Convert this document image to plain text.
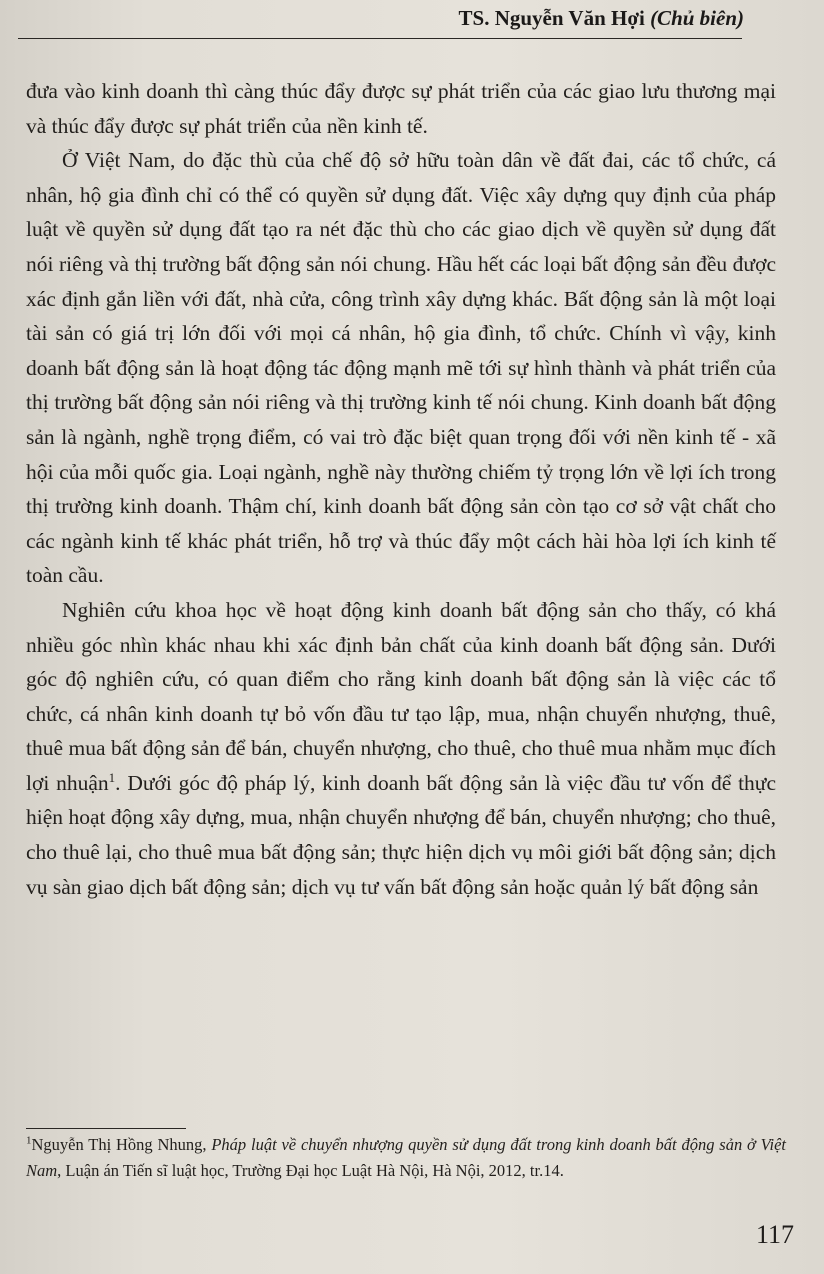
TS. Nguyễn Văn Hợi (Chủ biên)

đưa vào kinh doanh thì càng thúc đẩy được sự phát triển của các giao lưu thương mại và thúc đẩy được sự phát triển của nền kinh tế.

Ở Việt Nam, do đặc thù của chế độ sở hữu toàn dân về đất đai, các tổ chức, cá nhân, hộ gia đình chỉ có thể có quyền sử dụng đất. Việc xây dựng quy định của pháp luật về quyền sử dụng đất tạo ra nét đặc thù cho các giao dịch về quyền sử dụng đất nói riêng và thị trường bất động sản nói chung. Hầu hết các loại bất động sản đều được xác định gắn liền với đất, nhà cửa, công trình xây dựng khác. Bất động sản là một loại tài sản có giá trị lớn đối với mọi cá nhân, hộ gia đình, tổ chức. Chính vì vậy, kinh doanh bất động sản là hoạt động tác động mạnh mẽ tới sự hình thành và phát triển của thị trường bất động sản nói riêng và thị trường kinh tế nói chung. Kinh doanh bất động sản là ngành, nghề trọng điểm, có vai trò đặc biệt quan trọng đối với nền kinh tế - xã hội của mỗi quốc gia. Loại ngành, nghề này thường chiếm tỷ trọng lớn về lợi ích trong thị trường kinh doanh. Thậm chí, kinh doanh bất động sản còn tạo cơ sở vật chất cho các ngành kinh tế khác phát triển, hỗ trợ và thúc đẩy một cách hài hòa lợi ích kinh tế toàn cầu.

Nghiên cứu khoa học về hoạt động kinh doanh bất động sản cho thấy, có khá nhiều góc nhìn khác nhau khi xác định bản chất của kinh doanh bất động sản. Dưới góc độ nghiên cứu, có quan điểm cho rằng kinh doanh bất động sản là việc các tổ chức, cá nhân kinh doanh tự bỏ vốn đầu tư tạo lập, mua, nhận chuyển nhượng, thuê, thuê mua bất động sản để bán, chuyển nhượng, cho thuê, cho thuê mua nhằm mục đích lợi nhuận$^1$. Dưới góc độ pháp lý, kinh doanh bất động sản là việc đầu tư vốn để thực hiện hoạt động xây dựng, mua, nhận chuyển nhượng để bán, chuyển nhượng; cho thuê, cho thuê lại, cho thuê mua bất động sản; thực hiện dịch vụ môi giới bất động sản; dịch vụ sàn giao dịch bất động sản; dịch vụ tư vấn bất động sản hoặc quản lý bất động sản

$^1$Nguyễn Thị Hồng Nhung, Pháp luật về chuyển nhượng quyền sử dụng đất trong kinh doanh bất động sản ở Việt Nam, Luận án Tiến sĩ luật học, Trường Đại học Luật Hà Nội, Hà Nội, 2012, tr.14.
117
